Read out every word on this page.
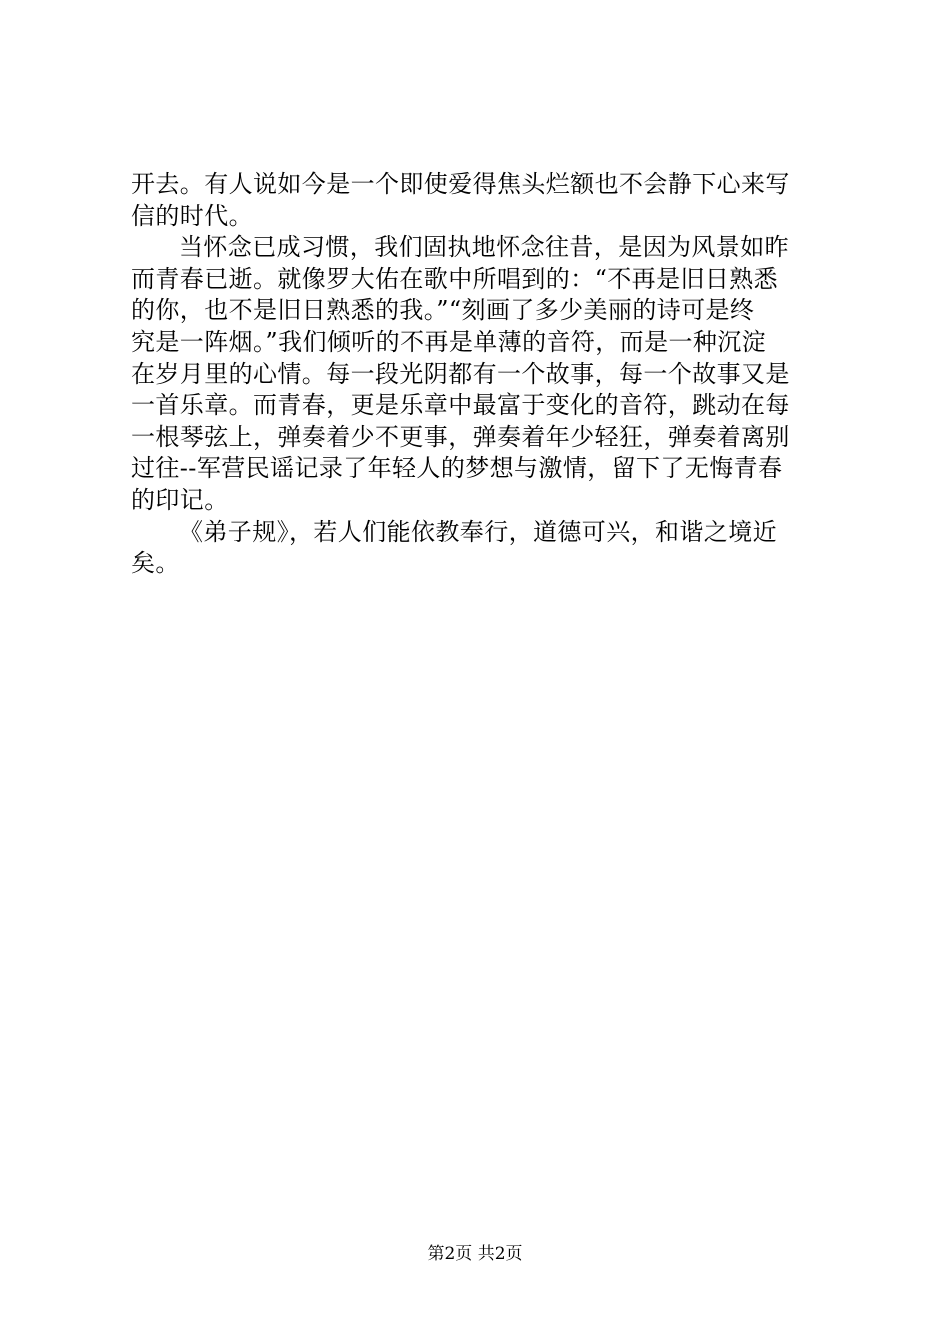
开去。有人说如今是一个即使爱得焦头烂额也不会静下心来写
信的时代。
当怀念已成习惯，我们固执地怀念往昔，是因为风景如昨
而青春已逝。就像罗大佑在歌中所唱到的：“不再是旧日熟悉
的你，也不是旧日熟悉的我。”“刻画了多少美丽的诗可是终
究是一阵烟。”我们倾听的不再是单薄的音符，而是一种沉淀
在岁月里的心情。每一段光阴都有一个故事，每一个故事又是
一首乐章。而青春，更是乐章中最富于变化的音符，跳动在每
一根琴弦上，弹奏着少不更事，弹奏着年少轻狂，弹奏着离别
过往--军营民谣记录了年轻人的梦想与激情，留下了无悔青春
的印记。
《弟子规》，若人们能依教奉行，道德可兴，和谐之境近
矣。
第2页 共2页
